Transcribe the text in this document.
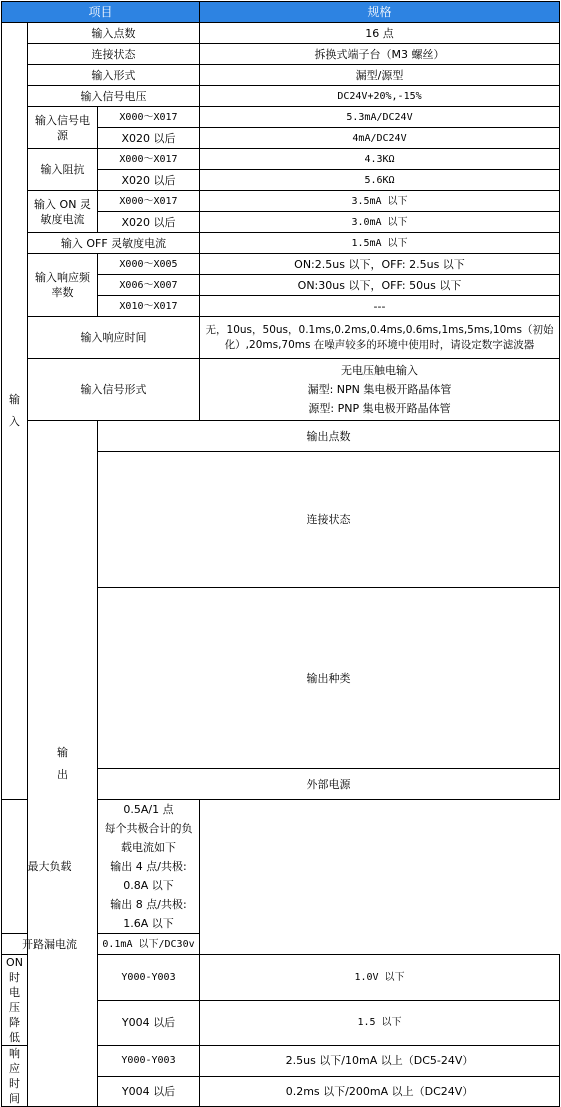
项目			规格	

输
入	输入点数		16 点	
	连接状态		拆换式端子台（M3 螺丝）	
	输入形式		漏型/源型	
	输入信号电压		DC24V+20%,-15%	
	输入信号电源	X000～X017	5.3mA/DC24V	
		X020 以后	4mA/DC24V	
	输入阻抗	X000～X017	4.3KΩ	
		X020 以后	5.6KΩ	
	输入 ON 灵敏度电流	X000～X017	3.5mA 以下	
		X020 以后	3.0mA 以下	
	输入 OFF 灵敏度电流		1.5mA 以下	
	输入响应频率数	X000～X005	ON:2.5us 以下，OFF: 2.5us 以下	
		X006～X007	ON:30us 以下，OFF: 50us 以下	
		X010～X017	---	
	输入响应时间		无，10us，50us，0.1ms,0.2ms,0.4ms,0.6ms,1ms,5ms,10ms（初始
化）,20ms,70ms 在噪声较多的环境中使用时，请设定数字滤波器	

	输入信号形式		无电压触电输入
漏型: NPN 集电极开路晶体管
源型: PNP 集电极开路晶体管	

	输
出	输出点数	
		连接状态	
		输出种类	
		外部电源	
最大负载		0.5A/1 点
每个共极合计的负载电流如下
输出 4 点/共极: 0.8A 以下
输出 8 点/共极: 1.6A 以下		

开路漏电流		0.1mA 以下/DC30v		
ON 时电压降低		Y000-Y003	1.0V 以下	
		Y004 以后	1.5 以下	
响应时间		Y000-Y003	2.5us 以下/10mA 以上（DC5-24V）	
		Y004 以后	0.2ms 以下/200mA 以上（DC24V）	
